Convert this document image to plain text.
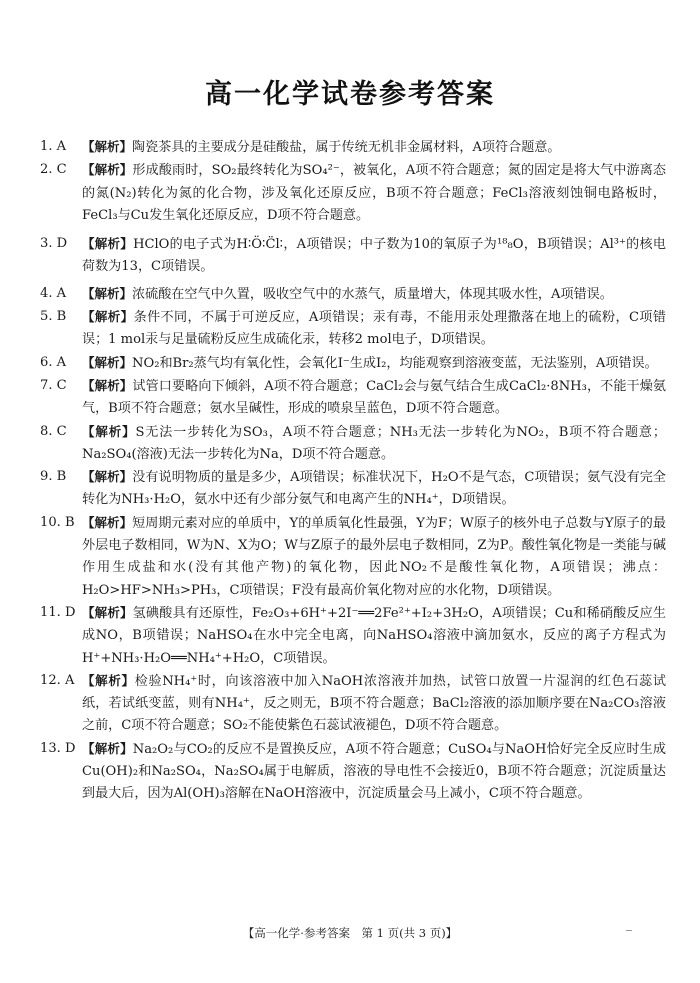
高一化学试卷参考答案
1. A	【解析】陶瓷茶具的主要成分是硅酸盐，属于传统无机非金属材料，A项符合题意。
2. C	【解析】形成酸雨时，SO₂最终转化为SO₄²⁻，被氧化，A项不符合题意；氮的固定是将大气中游离态的氮(N₂)转化为氮的化合物，涉及氧化还原反应，B项不符合题意；FeCl₃溶液刻蚀铜电路板时，FeCl₃与Cu发生氧化还原反应，D项不符合题意。
3. D	【解析】HClO的电子式为H∶Ö∶C̈l∶，A项错误；中子数为10的氧原子为¹⁸₈O，B项错误；Al³⁺的核电荷数为13，C项错误。
4. A	【解析】浓硫酸在空气中久置，吸收空气中的水蒸气，质量增大，体现其吸水性，A项错误。
5. B	【解析】条件不同，不属于可逆反应，A项错误；汞有毒，不能用汞处理撒落在地上的硫粉，C项错误；1 mol汞与足量硫粉反应生成硫化汞，转移2 mol电子，D项错误。
6. A	【解析】NO₂和Br₂蒸气均有氧化性，会氧化I⁻生成I₂，均能观察到溶液变蓝，无法鉴别，A项错误。
7. C	【解析】试管口要略向下倾斜，A项不符合题意；CaCl₂会与氨气结合生成CaCl₂·8NH₃，不能干燥氨气，B项不符合题意；氨水呈碱性，形成的喷泉呈蓝色，D项不符合题意。
8. C	【解析】S无法一步转化为SO₃，A项不符合题意；NH₃无法一步转化为NO₂，B项不符合题意；Na₂SO₄(溶液)无法一步转化为Na，D项不符合题意。
9. B	【解析】没有说明物质的量是多少，A项错误；标准状况下，H₂O不是气态，C项错误；氨气没有完全转化为NH₃·H₂O，氨水中还有少部分氨气和电离产生的NH₄⁺，D项错误。
10. B 【解析】短周期元素对应的单质中，Y的单质氧化性最强，Y为F；W原子的核外电子总数与Y原子的最外层电子数相同，W为N、X为O；W与Z原子的最外层电子数相同，Z为P。酸性氧化物是一类能与碱作用生成盐和水(没有其他产物)的氧化物，因此NO₂不是酸性氧化物，A项错误；沸点：H₂O>HF>NH₃>PH₃，C项错误；F没有最高价氧化物对应的水化物，D项错误。
11. D 【解析】氢碘酸具有还原性，Fe₂O₃+6H⁺+2I⁻══2Fe²⁺+I₂+3H₂O，A项错误；Cu和稀硝酸反应生成NO，B项错误；NaHSO₄在水中完全电离，向NaHSO₄溶液中滴加氨水，反应的离子方程式为H⁺+NH₃·H₂O══NH₄⁺+H₂O，C项错误。
12. A 【解析】检验NH₄⁺时，向该溶液中加入NaOH浓溶液并加热，试管口放置一片湿润的红色石蕊试纸，若试纸变蓝，则有NH₄⁺，反之则无，B项不符合题意；BaCl₂溶液的添加顺序要在Na₂CO₃溶液之前，C项不符合题意；SO₂不能使紫色石蕊试液褪色，D项不符合题意。
13. D 【解析】Na₂O₂与CO₂的反应不是置换反应，A项不符合题意；CuSO₄与NaOH恰好完全反应时生成Cu(OH)₂和Na₂SO₄，Na₂SO₄属于电解质，溶液的导电性不会接近0，B项不符合题意；沉淀质量达到最大后，因为Al(OH)₃溶解在NaOH溶液中，沉淀质量会马上减小，C项不符合题意。
【高一化学·参考答案　第 1 页(共 3 页)】
